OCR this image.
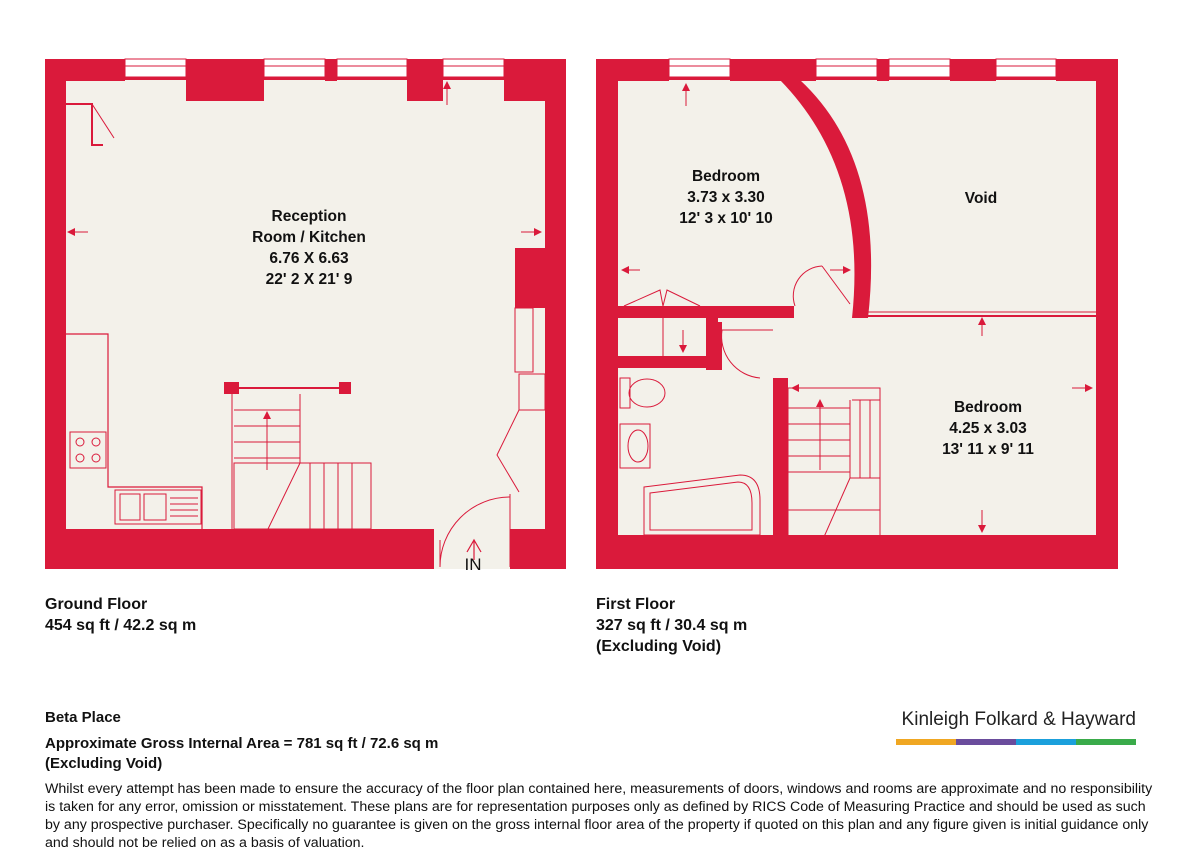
Reception
Room / Kitchen
6.76 X 6.63
22' 2 X 21' 9
Bedroom
3.73 x 3.30
12' 3 x 10' 10
Void
Bedroom
4.25 x 3.03
13' 11 x 9' 11
IN
Ground Floor
454 sq ft / 42.2 sq m
First Floor
327 sq ft / 30.4 sq m
(Excluding Void)
Beta Place
Approximate Gross Internal Area = 781 sq ft / 72.6 sq m
(Excluding Void)
Whilst every attempt has been made to ensure the accuracy of the floor plan contained here, measurements of doors, windows and rooms are approximate and no responsibility is taken for any error, omission or misstatement. These plans are for representation purposes only as defined by RICS Code of Measuring Practice and should be used as such by any prospective purchaser. Specifically no guarantee is given on the gross internal floor area of the property if quoted on this plan and any figure given is initial guidance only and should not be relied on as a basis of valuation.
Kinleigh Folkard & Hayward
